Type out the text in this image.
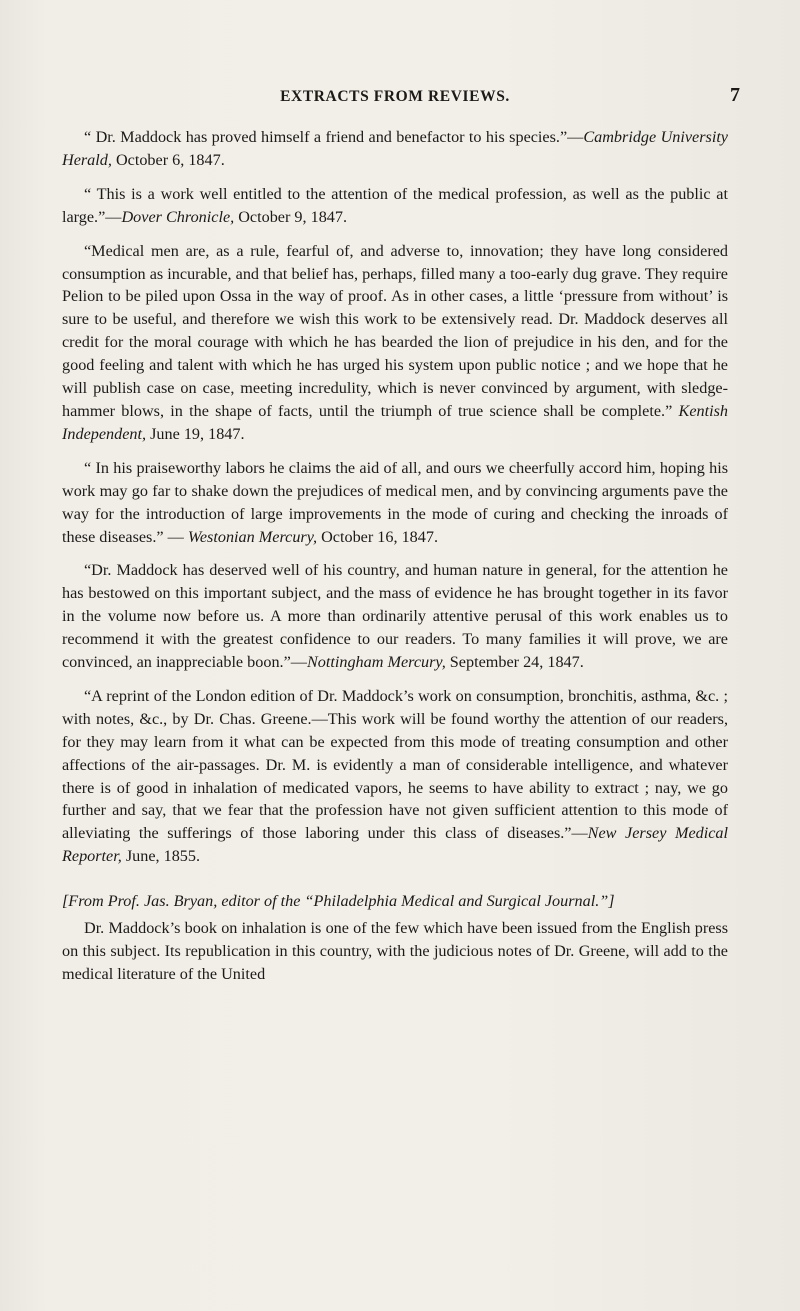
EXTRACTS FROM REVIEWS.	7

“ Dr. Maddock has proved himself a friend and benefactor to his species.”—Cambridge University Herald, October 6, 1847.

“ This is a work well entitled to the attention of the medical profession, as well as the public at large.”—Dover Chronicle, October 9, 1847.

“Medical men are, as a rule, fearful of, and adverse to, innovation; they have long considered consumption as incurable, and that belief has, perhaps, filled many a too-early dug grave. They require Pelion to be piled upon Ossa in the way of proof. As in other cases, a little ‘pressure from without’ is sure to be useful, and therefore we wish this work to be extensively read. Dr. Maddock deserves all credit for the moral courage with which he has bearded the lion of prejudice in his den, and for the good feeling and talent with which he has urged his system upon public notice ; and we hope that he will publish case on case, meeting incredulity, which is never convinced by argument, with sledge-hammer blows, in the shape of facts, until the triumph of true science shall be complete.” Kentish Independent, June 19, 1847.

“ In his praiseworthy labors he claims the aid of all, and ours we cheerfully accord him, hoping his work may go far to shake down the prejudices of medical men, and by convincing arguments pave the way for the introduction of large improvements in the mode of curing and checking the inroads of these diseases.” — Westonian Mercury, October 16, 1847.

“Dr. Maddock has deserved well of his country, and human nature in general, for the attention he has bestowed on this important subject, and the mass of evidence he has brought together in its favor in the volume now before us. A more than ordinarily attentive perusal of this work enables us to recommend it with the greatest confidence to our readers. To many families it will prove, we are convinced, an inappreciable boon.”—Nottingham Mercury, September 24, 1847.

“A reprint of the London edition of Dr. Maddock’s work on consumption, bronchitis, asthma, &c. ; with notes, &c., by Dr. Chas. Greene.—This work will be found worthy the attention of our readers, for they may learn from it what can be expected from this mode of treating consumption and other affections of the air-passages. Dr. M. is evidently a man of considerable intelligence, and whatever there is of good in inhalation of medicated vapors, he seems to have ability to extract ; nay, we go further and say, that we fear that the profession have not given sufficient attention to this mode of alleviating the sufferings of those laboring under this class of diseases.”—New Jersey Medical Reporter, June, 1855.

[From Prof. Jas. Bryan, editor of the “Philadelphia Medical and Surgical Journal.”]

Dr. Maddock’s book on inhalation is one of the few which have been issued from the English press on this subject. Its republication in this country, with the judicious notes of Dr. Greene, will add to the medical literature of the United
